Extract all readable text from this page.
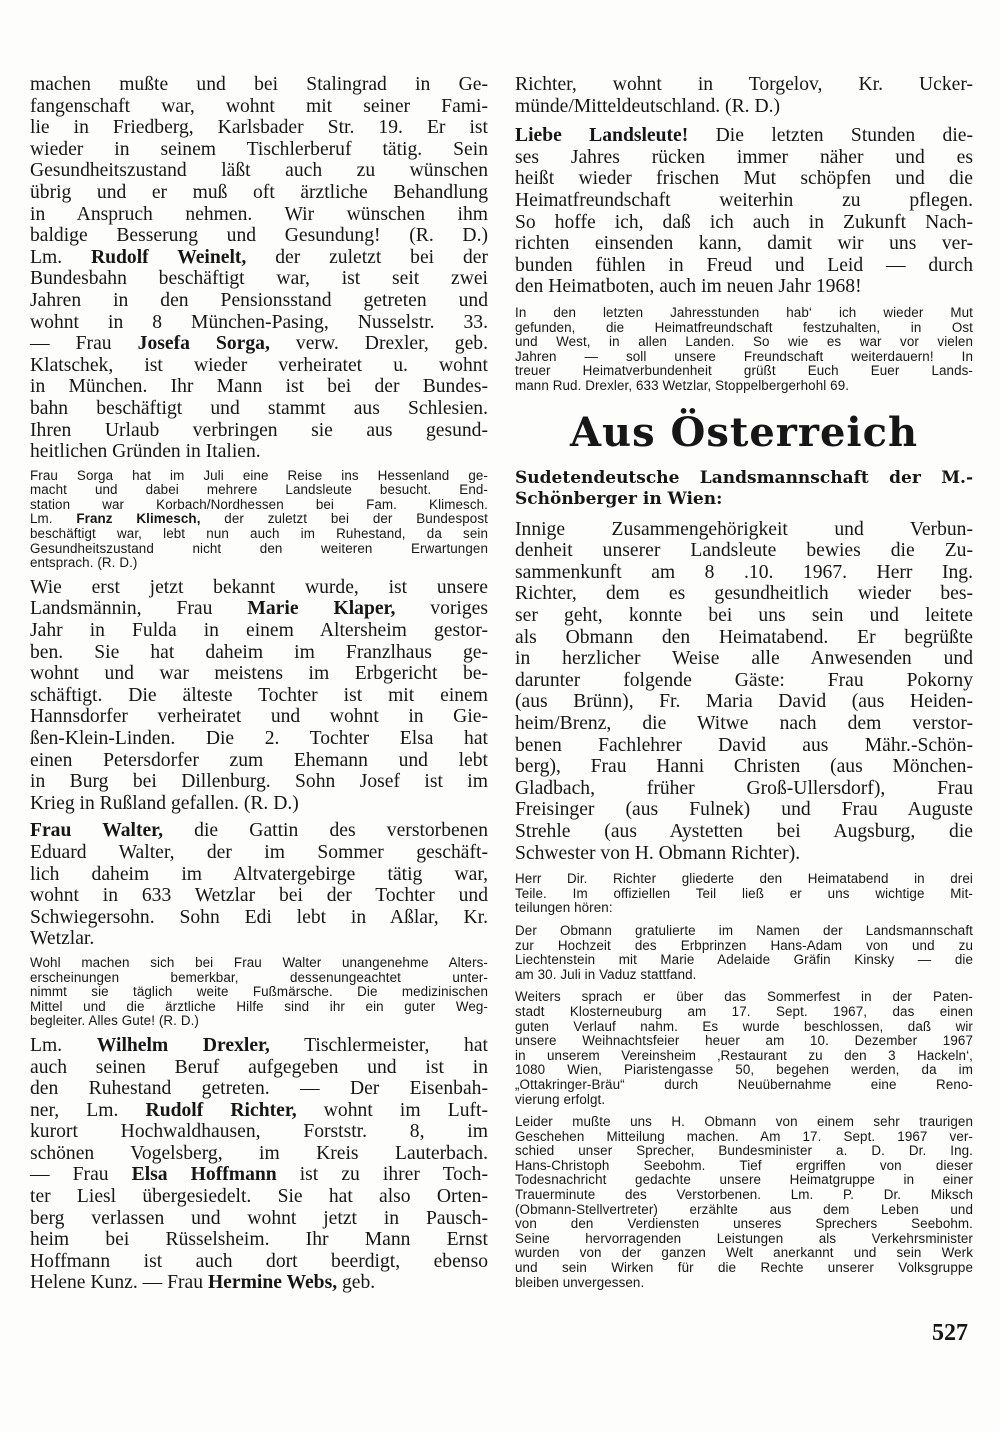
machen mußte und bei Stalingrad in Ge-
fangenschaft war, wohnt mit seiner Fami-
lie in Friedberg, Karlsbader Str. 19. Er ist
wieder in seinem Tischlerberuf tätig. Sein
Gesundheitszustand läßt auch zu wünschen
übrig und er muß oft ärztliche Behandlung
in Anspruch nehmen. Wir wünschen ihm
baldige Besserung und Gesundung! (R. D.)
Lm. Rudolf Weinelt, der zuletzt bei der
Bundesbahn beschäftigt war, ist seit zwei
Jahren in den Pensionsstand getreten und
wohnt in 8 München-Pasing, Nusselstr. 33.
— Frau Josefa Sorga, verw. Drexler, geb.
Klatschek, ist wieder verheiratet u. wohnt
in München. Ihr Mann ist bei der Bundes-
bahn beschäftigt und stammt aus Schlesien.
Ihren Urlaub verbringen sie aus gesund-
heitlichen Gründen in Italien.
Frau Sorga hat im Juli eine Reise ins Hessenland ge-
macht und dabei mehrere Landsleute besucht. End-
station war Korbach/Nordhessen bei Fam. Klimesch.
Lm. Franz Klimesch, der zuletzt bei der Bundespost
beschäftigt war, lebt nun auch im Ruhestand, da sein
Gesundheitszustand nicht den weiteren Erwartungen
entsprach. (R. D.)
Wie erst jetzt bekannt wurde, ist unsere
Landsmännin, Frau Marie Klaper, voriges
Jahr in Fulda in einem Altersheim gestor-
ben. Sie hat daheim im Franzlhaus ge-
wohnt und war meistens im Erbgericht be-
schäftigt. Die älteste Tochter ist mit einem
Hannsdorfer verheiratet und wohnt in Gie-
ßen-Klein-Linden. Die 2. Tochter Elsa hat
einen Petersdorfer zum Ehemann und lebt
in Burg bei Dillenburg. Sohn Josef ist im
Krieg in Rußland gefallen. (R. D.)
Frau Walter, die Gattin des verstorbenen
Eduard Walter, der im Sommer geschäft-
lich daheim im Altvatergebirge tätig war,
wohnt in 633 Wetzlar bei der Tochter und
Schwiegersohn. Sohn Edi lebt in Aßlar, Kr.
Wetzlar.
Wohl machen sich bei Frau Walter unangenehme Alters-
erscheinungen bemerkbar, dessenungeachtet unter-
nimmt sie täglich weite Fußmärsche. Die medizinischen
Mittel und die ärztliche Hilfe sind ihr ein guter Weg-
begleiter. Alles Gute! (R. D.)
Lm. Wilhelm Drexler, Tischlermeister, hat
auch seinen Beruf aufgegeben und ist in
den Ruhestand getreten. — Der Eisenbah-
ner, Lm. Rudolf Richter, wohnt im Luft-
kurort Hochwaldhausen, Forststr. 8, im
schönen Vogelsberg, im Kreis Lauterbach.
— Frau Elsa Hoffmann ist zu ihrer Toch-
ter Liesl übergesiedelt. Sie hat also Orten-
berg verlassen und wohnt jetzt in Pausch-
heim bei Rüsselsheim. Ihr Mann Ernst
Hoffmann ist auch dort beerdigt, ebenso
Helene Kunz. — Frau Hermine Webs, geb.
Richter, wohnt in Torgelov, Kr. Ucker-
münde/Mitteldeutschland. (R. D.)
Liebe Landsleute! Die letzten Stunden die-
ses Jahres rücken immer näher und es
heißt wieder frischen Mut schöpfen und die
Heimatfreundschaft weiterhin zu pflegen.
So hoffe ich, daß ich auch in Zukunft Nach-
richten einsenden kann, damit wir uns ver-
bunden fühlen in Freud und Leid — durch
den Heimatboten, auch im neuen Jahr 1968!
In den letzten Jahresstunden hab‘ ich wieder Mut
gefunden, die Heimatfreundschaft festzuhalten, in Ost
und West, in allen Landen. So wie es war vor vielen
Jahren — soll unsere Freundschaft weiterdauern! In
treuer Heimatverbundenheit grüßt Euch Euer Lands-
mann Rud. Drexler, 633 Wetzlar, Stoppelbergerhohl 69.
Aus Österreich
Sudetendeutsche Landsmannschaft der M.-
Schönberger in Wien:
Innige Zusammengehörigkeit und Verbun-
denheit unserer Landsleute bewies die Zu-
sammenkunft am 8 .10. 1967. Herr Ing.
Richter, dem es gesundheitlich wieder bes-
ser geht, konnte bei uns sein und leitete
als Obmann den Heimatabend. Er begrüßte
in herzlicher Weise alle Anwesenden und
darunter folgende Gäste: Frau Pokorny
(aus Brünn), Fr. Maria David (aus Heiden-
heim/Brenz, die Witwe nach dem verstor-
benen Fachlehrer David aus Mähr.-Schön-
berg), Frau Hanni Christen (aus Mönchen-
Gladbach, früher Groß-Ullersdorf), Frau
Freisinger (aus Fulnek) und Frau Auguste
Strehle (aus Aystetten bei Augsburg, die
Schwester von H. Obmann Richter).
Herr Dir. Richter gliederte den Heimatabend in drei
Teile. Im offiziellen Teil ließ er uns wichtige Mit-
teilungen hören:
Der Obmann gratulierte im Namen der Landsmannschaft
zur Hochzeit des Erbprinzen Hans-Adam von und zu
Liechtenstein mit Marie Adelaide Gräfin Kinsky — die
am 30. Juli in Vaduz stattfand.
Weiters sprach er über das Sommerfest in der Paten-
stadt Klosterneuburg am 17. Sept. 1967, das einen
guten Verlauf nahm. Es wurde beschlossen, daß wir
unsere Weihnachtsfeier heuer am 10. Dezember 1967
in unserem Vereinsheim ‚Restaurant zu den 3 Hackeln‘,
1080 Wien, Piaristengasse 50, begehen werden, da im
„Ottakringer-Bräu“ durch Neuübernahme eine Reno-
vierung erfolgt.
Leider mußte uns H. Obmann von einem sehr traurigen
Geschehen Mitteilung machen. Am 17. Sept. 1967 ver-
schied unser Sprecher, Bundesminister a. D. Dr. Ing.
Hans-Christoph Seebohm. Tief ergriffen von dieser
Todesnachricht gedachte unsere Heimatgruppe in einer
Trauerminute des Verstorbenen. Lm. P. Dr. Miksch
(Obmann-Stellvertreter) erzählte aus dem Leben und
von den Verdiensten unseres Sprechers Seebohm.
Seine hervorragenden Leistungen als Verkehrsminister
wurden von der ganzen Welt anerkannt und sein Werk
und sein Wirken für die Rechte unserer Volksgruppe
bleiben unvergessen.
527
